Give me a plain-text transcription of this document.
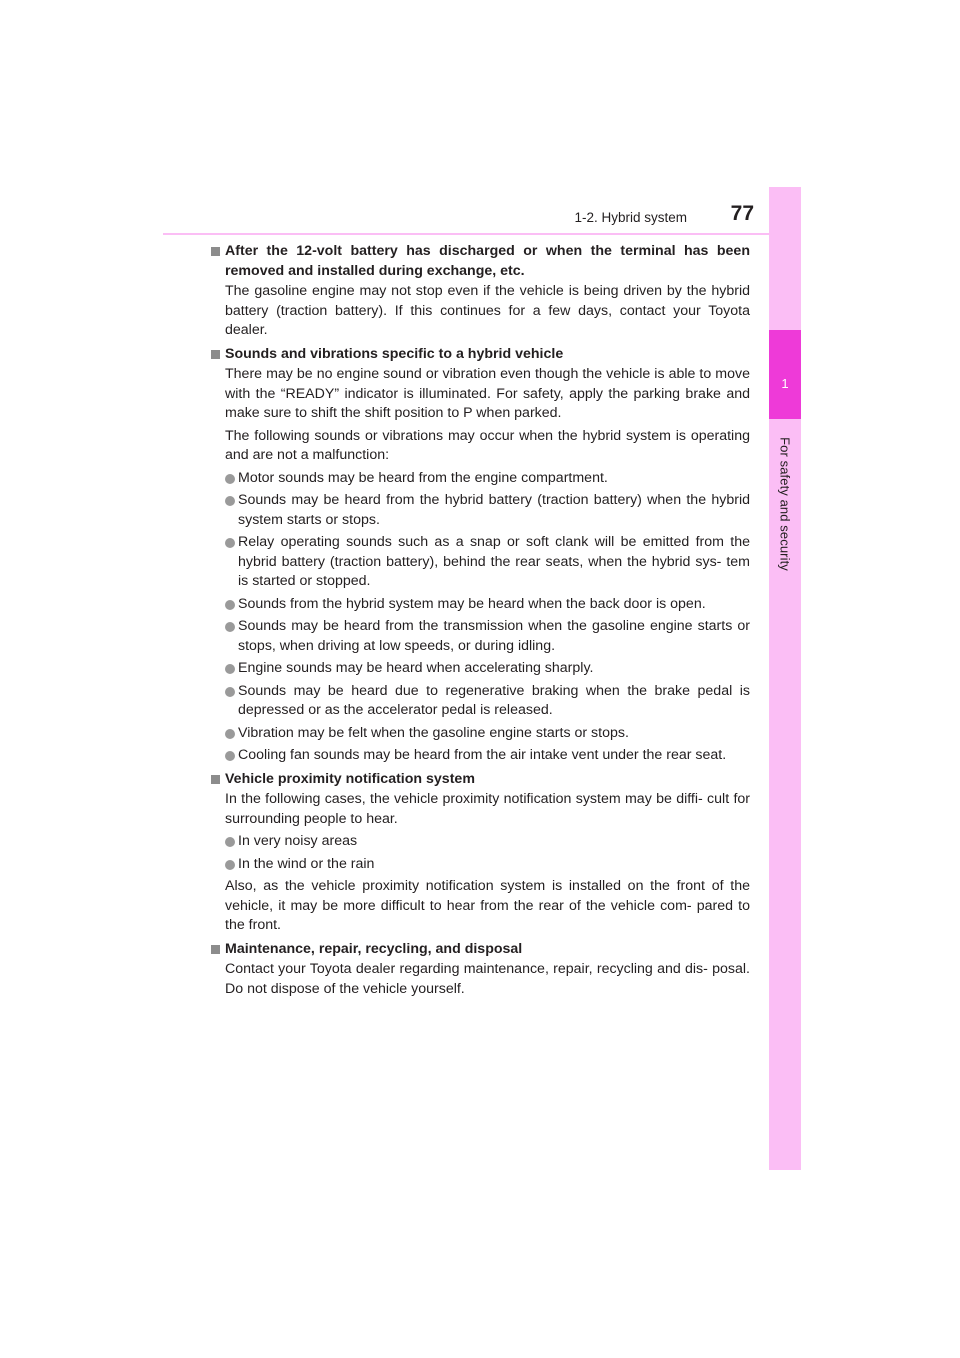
1
For safety and security
1-2. Hybrid system 77
After the 12-volt battery has discharged or when the terminal has been removed and installed during exchange, etc.
The gasoline engine may not stop even if the vehicle is being driven by the hybrid battery (traction battery). If this continues for a few days, contact your Toyota dealer.
Sounds and vibrations specific to a hybrid vehicle
There may be no engine sound or vibration even though the vehicle is able to move with the “READY” indicator is illuminated. For safety, apply the parking brake and make sure to shift the shift position to P when parked.
The following sounds or vibrations may occur when the hybrid system is operating and are not a malfunction:
Motor sounds may be heard from the engine compartment.
Sounds may be heard from the hybrid battery (traction battery) when the hybrid system starts or stops.
Relay operating sounds such as a snap or soft clank will be emitted from the hybrid battery (traction battery), behind the rear seats, when the hybrid sys- tem is started or stopped.
Sounds from the hybrid system may be heard when the back door is open.
Sounds may be heard from the transmission when the gasoline engine starts or stops, when driving at low speeds, or during idling.
Engine sounds may be heard when accelerating sharply.
Sounds may be heard due to regenerative braking when the brake pedal is depressed or as the accelerator pedal is released.
Vibration may be felt when the gasoline engine starts or stops.
Cooling fan sounds may be heard from the air intake vent under the rear seat.
Vehicle proximity notification system
In the following cases, the vehicle proximity notification system may be diffi- cult for surrounding people to hear.
In very noisy areas
In the wind or the rain
Also, as the vehicle proximity notification system is installed on the front of the vehicle, it may be more difficult to hear from the rear of the vehicle com- pared to the front.
Maintenance, repair, recycling, and disposal
Contact your Toyota dealer regarding maintenance, repair, recycling and dis- posal. Do not dispose of the vehicle yourself.
